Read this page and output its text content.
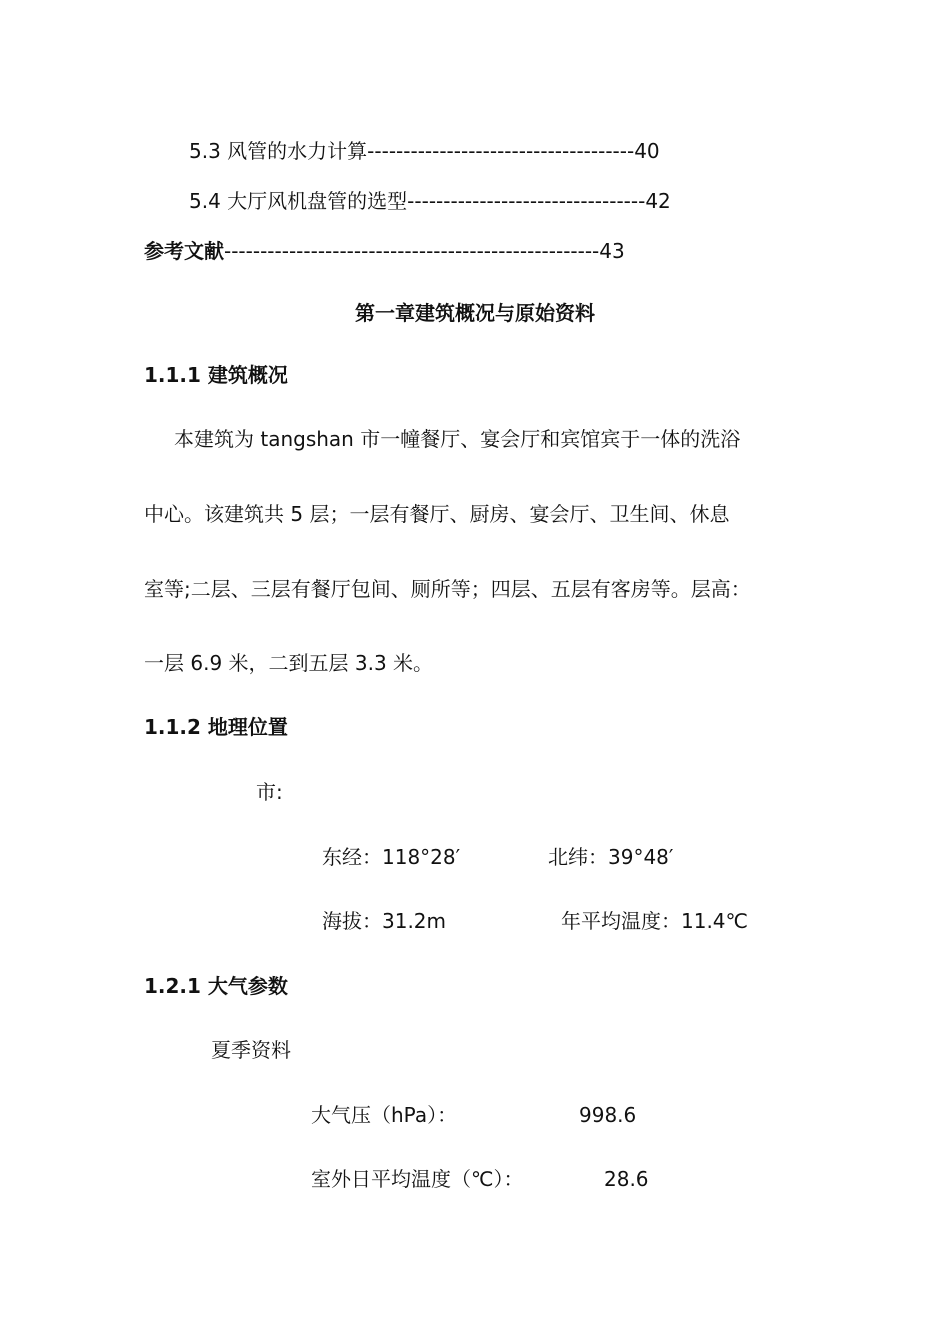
5.3 风管的水力计算-------------------------------------40
5.4 大厅风机盘管的选型---------------------------------42
参考文献----------------------------------------------------43
第一章建筑概况与原始资料
1.1.1 建筑概况
本建筑为 tangshan 市一幢餐厅、宴会厅和宾馆宾于一体的洗浴
中心。该建筑共 5 层；一层有餐厅、厨房、宴会厅、卫生间、休息
室等;二层、三层有餐厅包间、厕所等；四层、五层有客房等。层高：
一层 6.9 米，二到五层 3.3 米。
1.1.2 地理位置
市:
东经：118°28′	北纬：39°48′
海拔：31.2m	年平均温度：11.4℃
1.2.1 大气参数
夏季资料
大气压（hPa）：	998.6
室外日平均温度（℃）：	28.6
